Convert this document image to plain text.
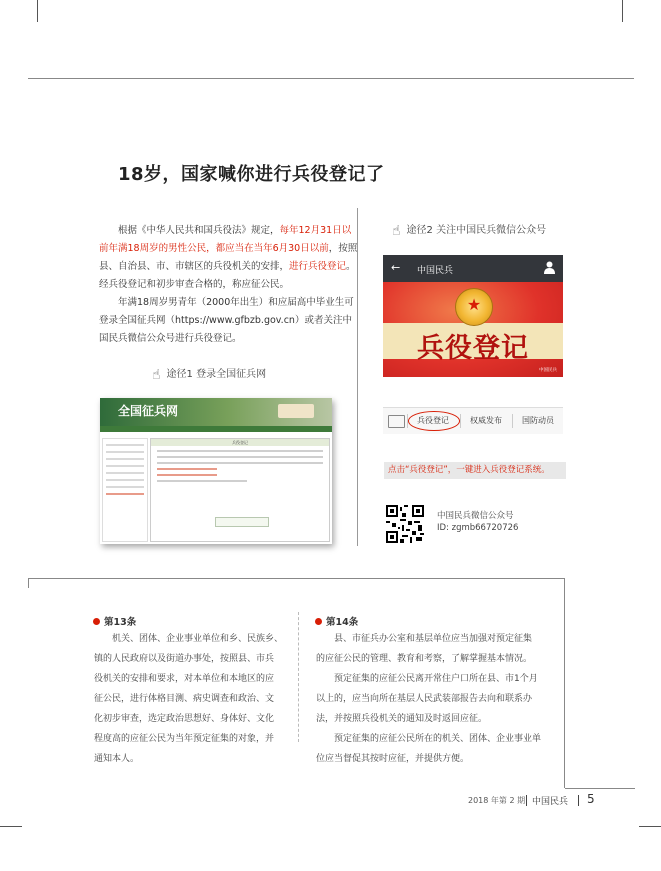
18岁，国家喊你进行兵役登记了
根据《中华人民共和国兵役法》规定，每年12月31日以前年满18周岁的男性公民，都应当在当年6月30日以前，按照县、自治县、市、市辖区的兵役机关的安排，进行兵役登记。经兵役登记和初步审查合格的，称应征公民。
年满18周岁男青年（2000年出生）和应届高中毕业生可登录全国征兵网（https://www.gfbzb.gov.cn）或者关注中国民兵微信公众号进行兵役登记。
☝ 途径1 登录全国征兵网
全国征兵网
兵役登记
☝ 途径2 关注中国民兵微信公众号
← 中国民兵
★
兵役登记
中国民兵
兵役登记	权威发布	国防动员
点击“兵役登记”，一键进入兵役登记系统。
中国民兵微信公众号
ID: zgmb66720726
第13条
机关、团体、企业事业单位和乡、民族乡、
镇的人民政府以及街道办事处，按照县、市兵
役机关的安排和要求，对本单位和本地区的应
征公民，进行体格目测、病史调查和政治、文
化初步审查，选定政治思想好、身体好、文化
程度高的应征公民为当年预定征集的对象，并
通知本人。
第14条
县、市征兵办公室和基层单位应当加强对预定征集
的应征公民的管理、教育和考察，了解掌握基本情况。
预定征集的应征公民离开常住户口所在县、市1个月
以上的，应当向所在基层人民武装部报告去向和联系办
法，并按照兵役机关的通知及时返回应征。
预定征集的应征公民所在的机关、团体、企业事业单
位应当督促其按时应征，并提供方便。
2018 年第 2 期 中国民兵 5
